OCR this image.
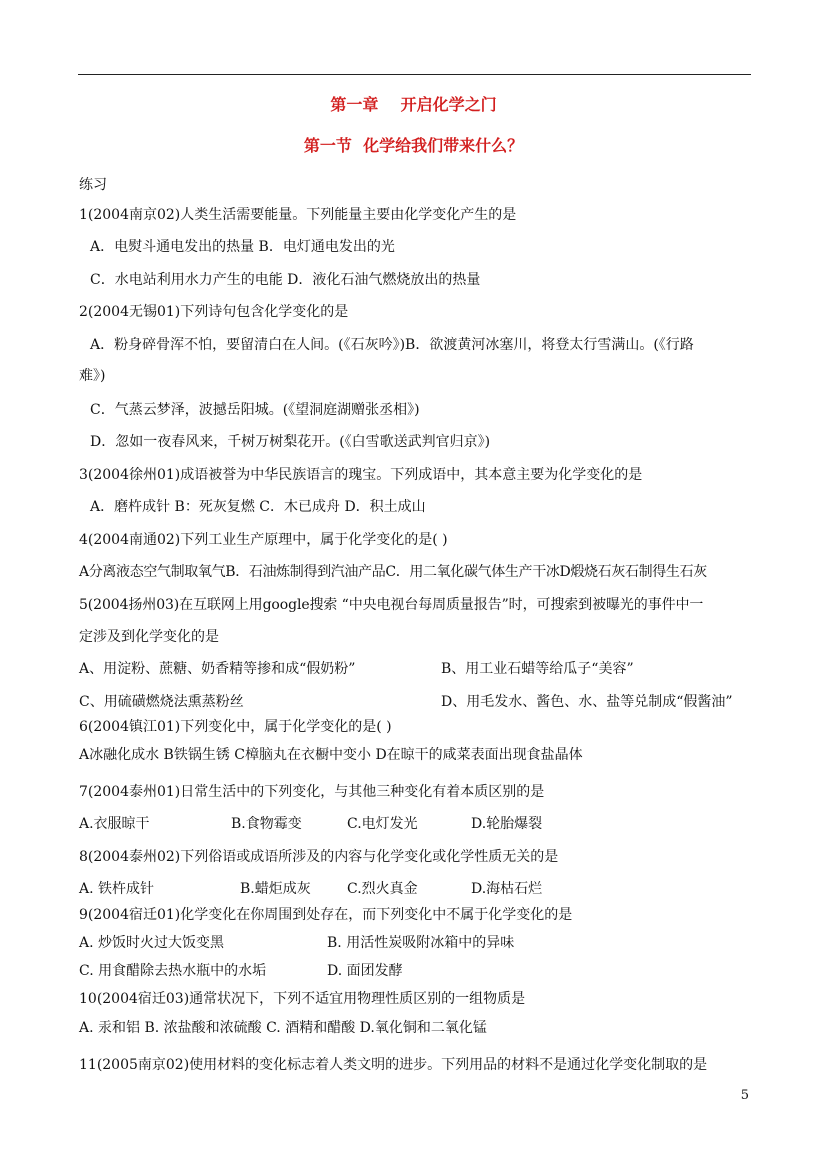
第一章    开启化学之门
第一节  化学给我们带来什么？
练习
1(2004南京02)人类生活需要能量。下列能量主要由化学变化产生的是
A．电熨斗通电发出的热量 B．电灯通电发出的光
C．水电站利用水力产生的电能 D．液化石油气燃烧放出的热量
2(2004无锡01)下列诗句包含化学变化的是
A．粉身碎骨浑不怕，要留清白在人间。(《石灰吟》)B．欲渡黄河冰塞川，将登太行雪满山。(《行路
难》)
C．气蒸云梦泽，波撼岳阳城。(《望洞庭湖赠张丞相》)
D．忽如一夜春风来，千树万树梨花开。(《白雪歌送武判官归京》)
3(2004徐州01)成语被誉为中华民族语言的瑰宝。下列成语中，其本意主要为化学变化的是
A．磨杵成针 B：死灰复燃 C．木已成舟 D．积土成山
4(2004南通02)下列工业生产原理中，属于化学变化的是( )
A分离液态空气制取氧气B．石油炼制得到汽油产品C．用二氧化碳气体生产干冰D煅烧石灰石制得生石灰
5(2004扬州03)在互联网上用google搜索 “中央电视台每周质量报告”时，可搜索到被曝光的事件中一
定涉及到化学变化的是
A、用淀粉、蔗糖、奶香精等掺和成“假奶粉”	B、用工业石蜡等给瓜子“美容”
C、用硫磺燃烧法熏蒸粉丝	D、用毛发水、酱色、水、盐等兑制成“假酱油”
6(2004镇江01)下列变化中，属于化学变化的是( )
A冰融化成水 B铁锅生锈 C樟脑丸在衣橱中变小 D在晾干的咸菜表面出现食盐晶体
7(2004泰州01)日常生活中的下列变化，与其他三种变化有着本质区别的是
A.衣服晾干	B.食物霉变	C.电灯发光	D.轮胎爆裂
8(2004泰州02)下列俗语或成语所涉及的内容与化学变化或化学性质无关的是
A. 铁杵成针	B.蜡炬成灰	C.烈火真金	D.海枯石烂
9(2004宿迁01)化学变化在你周围到处存在，而下列变化中不属于化学变化的是
A. 炒饭时火过大饭变黑	B. 用活性炭吸附冰箱中的异味
C. 用食醋除去热水瓶中的水垢	D. 面团发酵
10(2004宿迁03)通常状况下，下列不适宜用物理性质区别的一组物质是
A. 汞和铝 B. 浓盐酸和浓硫酸 C. 酒精和醋酸 D.氧化铜和二氧化锰
11(2005南京02)使用材料的变化标志着人类文明的进步。下列用品的材料不是通过化学变化制取的是
5
